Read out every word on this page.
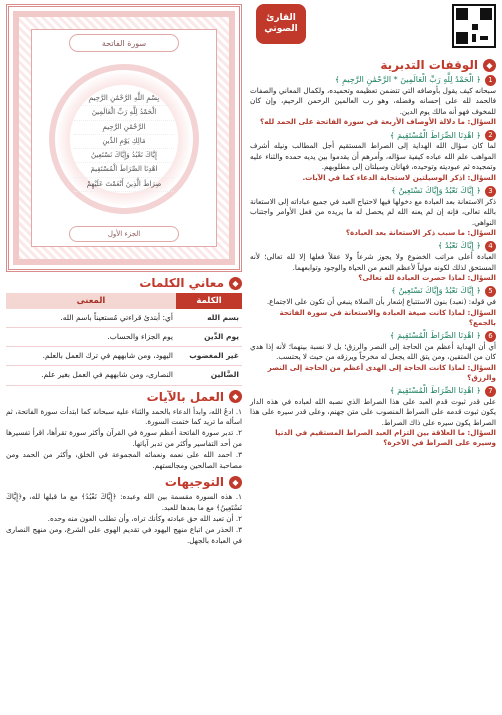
القارئ
الصوتي
◆
الوقفات التدبرية
1
﴿ الْحَمْدُ لِلَّهِ رَبِّ الْعَالَمِينَ * الرَّحْمَٰنِ الرَّحِيمِ ﴾
سبحانه كيف يقول بأوصافه التي تتضمن تعظيمه وتحميده، ولكمال المعاني والصفات فالحمد لله على إحسانه وفضله، وهو رب العالمين الرحمن الرحيم، وإن كان للمخوف فهو أنه مالك يوم الدين.
السؤال: ما دلالة الأوصاف الأربعة في سورة الفاتحة على الحمد لله؟
2
﴿ اهْدِنَا الصِّرَاطَ الْمُسْتَقِيمَ ﴾
لما كان سؤال الله الهداية إلى الصراط المستقيم أجل المطالب ونيله أشرف المواهب علم الله عباده كيفية سؤاله، وأمرهم أن يقدموا بين يديه حمده والثناء عليه وتمجيده ثم عبوديته وتوحيده، فهاتان وسيلتان إلى مطلوبهم.
السؤال: اذكر الوسيلتين لاستجابة الدعاء كما في الآيات.
3
﴿ إِيَّاكَ نَعْبُدُ وَإِيَّاكَ نَسْتَعِينُ ﴾
ذكر الاستعانة بعد العبادة مع دخولها فيها لاحتياج العبد في جميع عباداته إلى الاستعانة بالله تعالى، فإنه إن لم يعنه الله لم يحصل له ما يريده من فعل الأوامر واجتناب النواهي.
السؤال: ما سبب ذكر الاستعانة بعد العبادة؟
4
﴿ إِيَّاكَ نَعْبُدُ ﴾
العبادة أعلى مراتب الخضوع ولا يجوز شرعاً ولا عقلاً فعلها إلا لله تعالى؛ لأنه المستحق لذلك لكونه مولياً لأعظم النعم من الحياة والوجود وتوابعهما.
السؤال: لماذا حصرت العبادة لله تعالى؟
5
﴿ إِيَّاكَ نَعْبُدُ وَإِيَّاكَ نَسْتَعِينُ ﴾
في قوله: (نعبد) بنون الاستتباع إشعار بأن الصلاة ينبغي أن تكون على الاجتماع.
السؤال: لماذا كانت صيغة العبادة والاستعانة في سورة الفاتحة بالجمع؟
6
﴿ اهْدِنَا الصِّرَاطَ الْمُسْتَقِيمَ ﴾
أي أن الهداية أعظم من الحاجة إلى النصر والرزق؛ بل لا نسبة بينهما؛ لأنه إذا هدي كان من المتقين، ومن يتق الله يجعل له مخرجاً ويرزقه من حيث لا يحتسب.
السؤال: لماذا كانت الحاجة إلى الهدى أعظم من الحاجة إلى النصر والرزق؟
7
﴿ اهْدِنَا الصِّرَاطَ الْمُسْتَقِيمَ ﴾
على قدر ثبوت قدم العبد على هذا الصراط الذي نصبه الله لعباده في هذه الدار يكون ثبوت قدمه على الصراط المنصوب على متن جهنم، وعلى قدر سيره على هذا الصراط يكون سيره على ذاك الصراط.
السؤال: ما العلاقة بين التزام العبد الصراط المستقيم في الدنيا وسيره على الصراط في الآخرة؟
سورة الفاتحة

بِسْمِ اللَّهِ الرَّحْمَٰنِ الرَّحِيمِ

الْحَمْدُ لِلَّهِ رَبِّ الْعَالَمِينَ

الرَّحْمَٰنِ الرَّحِيمِ

مَالِكِ يَوْمِ الدِّينِ

إِيَّاكَ نَعْبُدُ وَإِيَّاكَ نَسْتَعِينُ

اهْدِنَا الصِّرَاطَ الْمُسْتَقِيمَ

صِرَاطَ الَّذِينَ أَنْعَمْتَ عَلَيْهِمْ

الجزء الأول
◆
معاني الكلمات
الكلمة	المعنى
بسم الله	أي: أبتدئ قراءتي مُستعيناً باسم الله.
يوم الدِّين	يوم الجزاء والحساب.
غير المغضوب	اليهود، ومن شابههم في ترك العمل بالعلم.
الضَّالين	النصارى، ومن شابههم في العمل بغير علم.
◆
العمل بالآيات

١. ادعُ الله، وابدأ الدعاء بالحمد والثناء عليه سبحانه كما ابتدأت سورة الفاتحة، ثم اسأله ما تريد كما ختمت السورة.

٢. تدبر سورة الفاتحة أعظم سورة في القرآن وأكثر سورة تقرأها، اقرأ تفسيرها من أحد التفاسير وأكثر من تدبر آياتها.

٣. احمد الله على نعمه ونعمائه المجموعة في الخلق، وأكثر من الحمد ومن مصاحبة الصالحين ومجالستهم.

◆
التوجيهات

١. هذه السورة مقسمة بين الله وعبده: ﴿إِيَّاكَ نَعْبُدُ﴾ مع ما قبلها لله، و﴿إِيَّاكَ نَسْتَعِينُ﴾ مع ما بعدها للعبد.

٢. أن تعبد الله حق عبادته وكأنك تراه، وأن تطلب العون منه وحده.

٣. الحذر من اتباع منهج اليهود في تقديم الهوى على الشرع، ومن منهج النصارى في العبادة بالجهل.
